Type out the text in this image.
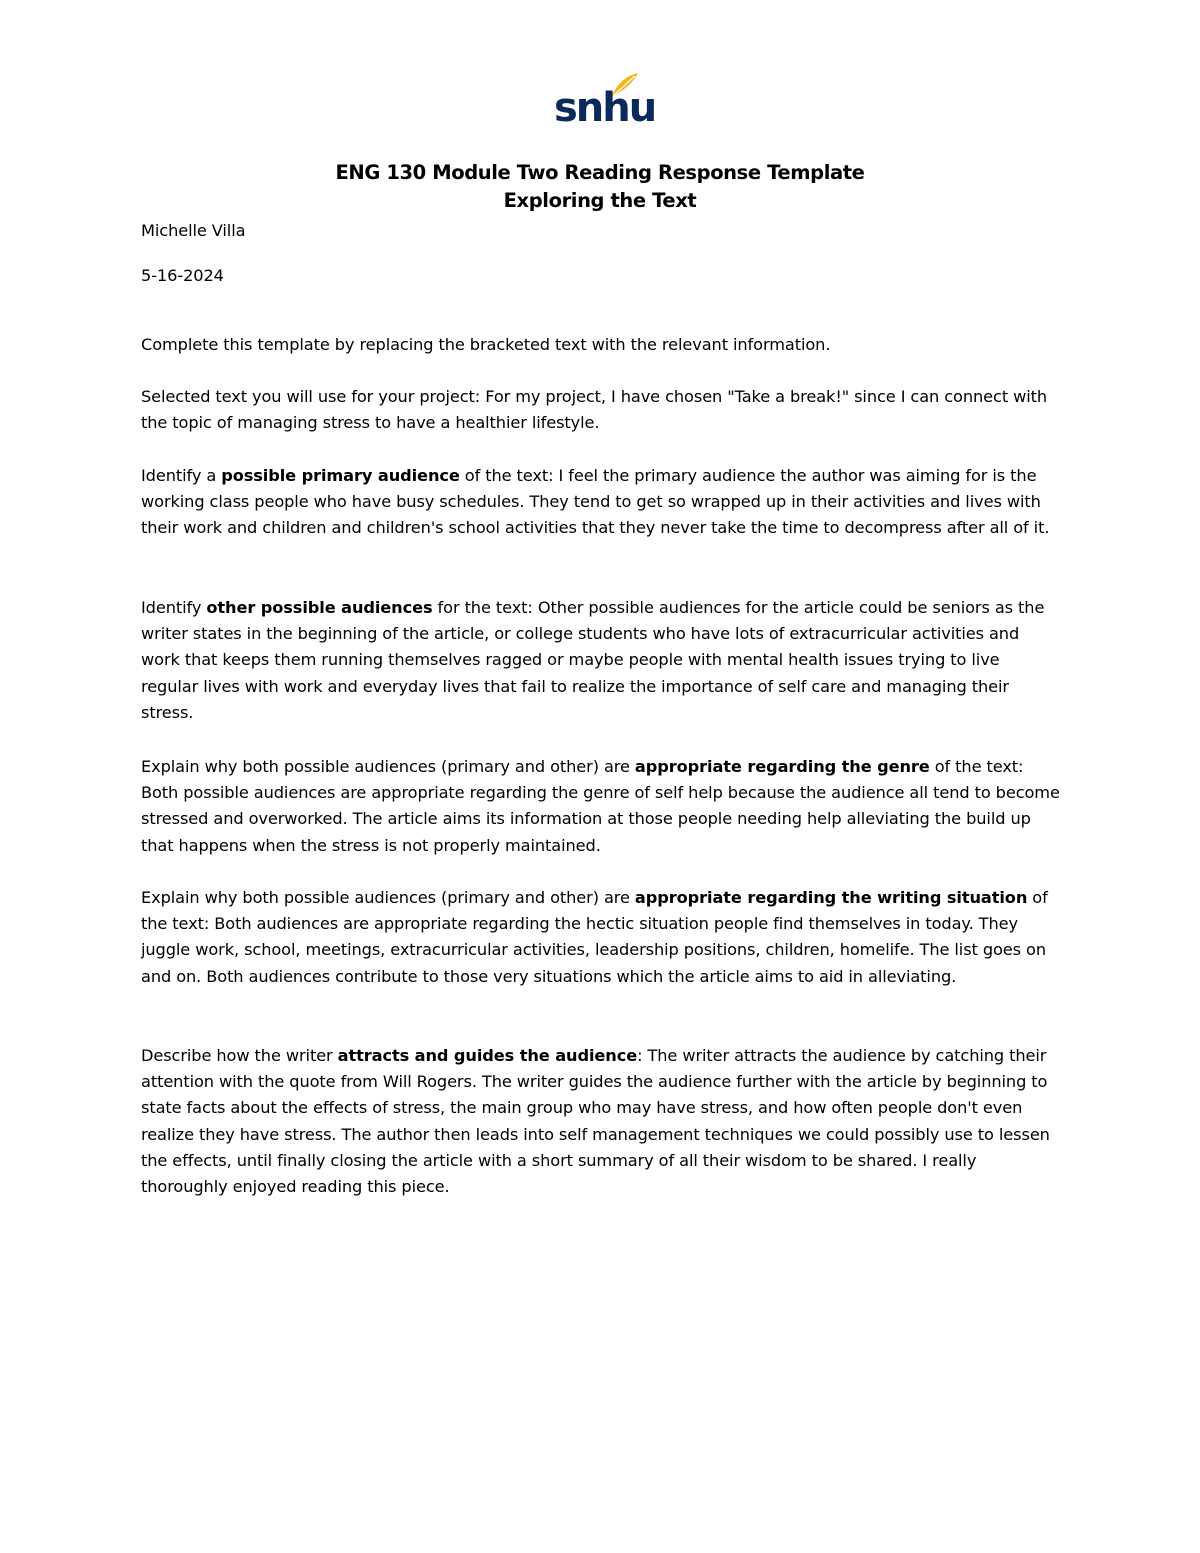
snhu
ENG 130 Module Two Reading Response Template
Exploring the Text
Michelle Villa
5-16-2024
Complete this template by replacing the bracketed text with the relevant information.
Selected text you will use for your project: For my project, I have chosen "Take a break!" since I can connect with the topic of managing stress to have a healthier lifestyle.
Identify a possible primary audience of the text: I feel the primary audience the author was aiming for is the working class people who have busy schedules. They tend to get so wrapped up in their activities and lives with their work and children and children's school activities that they never take the time to decompress after all of it.
Identify other possible audiences for the text: Other possible audiences for the article could be seniors as the writer states in the beginning of the article, or college students who have lots of extracurricular activities and work that keeps them running themselves ragged or maybe people with mental health issues trying to live regular lives with work and everyday lives that fail to realize the importance of self care and managing their stress.
Explain why both possible audiences (primary and other) are appropriate regarding the genre of the text: Both possible audiences are appropriate regarding the genre of self help because the audience all tend to become stressed and overworked. The article aims its information at those people needing help alleviating the build up that happens when the stress is not properly maintained.
Explain why both possible audiences (primary and other) are appropriate regarding the writing situation of the text: Both audiences are appropriate regarding the hectic situation people find themselves in today. They juggle work, school, meetings, extracurricular activities, leadership positions, children, homelife. The list goes on and on. Both audiences contribute to those very situations which the article aims to aid in alleviating.
Describe how the writer attracts and guides the audience: The writer attracts the audience by catching their attention with the quote from Will Rogers. The writer guides the audience further with the article by beginning to state facts about the effects of stress, the main group who may have stress, and how often people don't even realize they have stress. The author then leads into self management techniques we could possibly use to lessen the effects, until finally closing the article with a short summary of all their wisdom to be shared. I really thoroughly enjoyed reading this piece.
